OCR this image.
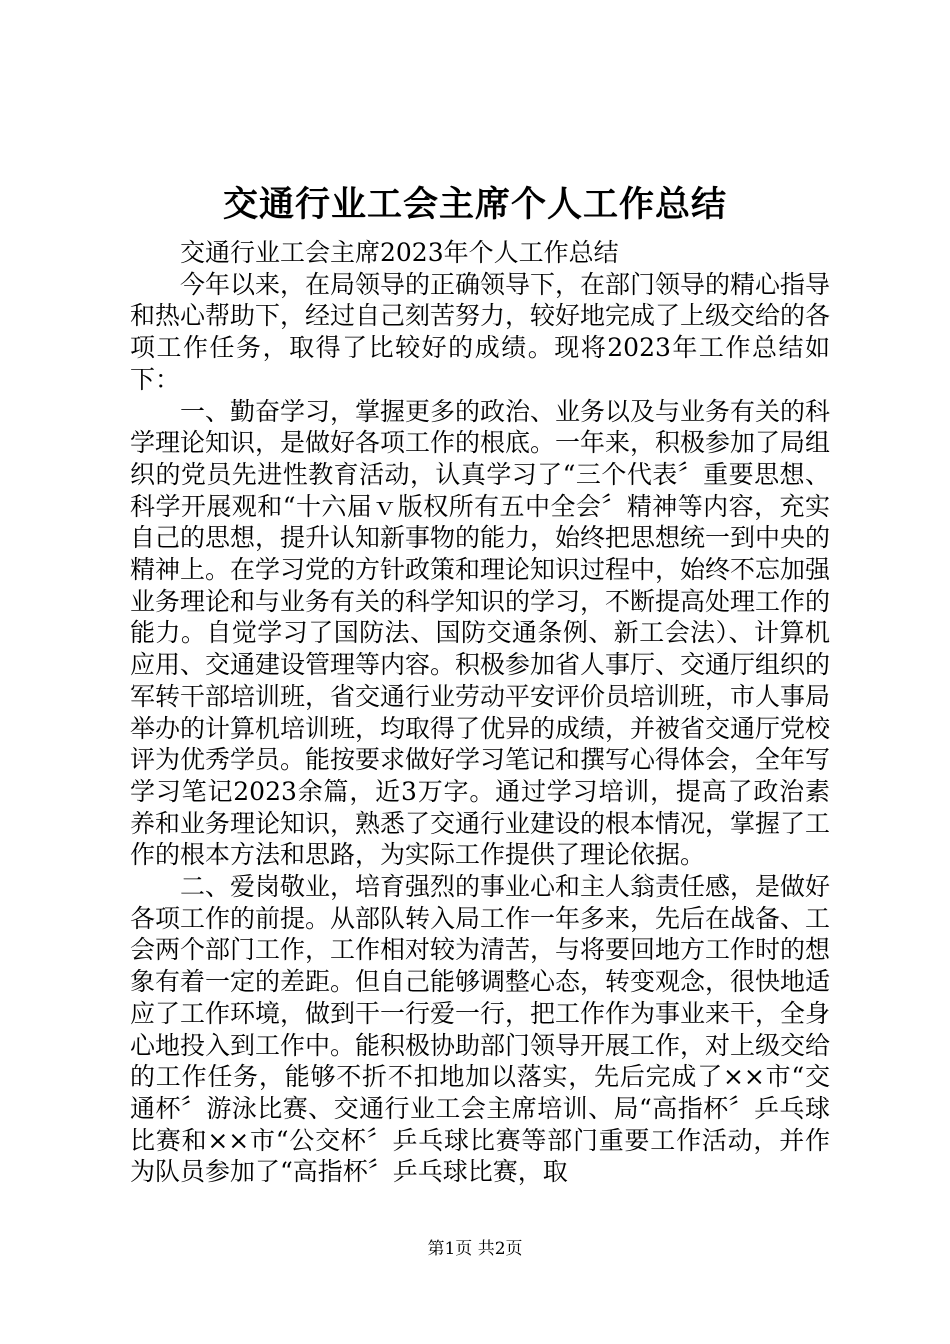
交通行业工会主席个人工作总结

交通行业工会主席2023年个人工作总结

今年以来，在局领导的正确领导下，在部门领导的精心指导和热心帮助下，经过自己刻苦努力，较好地完成了上级交给的各项工作任务，取得了比较好的成绩。现将2023年工作总结如下：

一、勤奋学习，掌握更多的政治、业务以及与业务有关的科学理论知识，是做好各项工作的根底。一年来，积极参加了局组织的党员先进性教育活动，认真学习了“三个代表〞重要思想、科学开展观和“十六届ｖ版权所有五中全会〞精神等内容，充实自己的思想，提升认知新事物的能力，始终把思想统一到中央的精神上。在学习党的方针政策和理论知识过程中，始终不忘加强业务理论和与业务有关的科学知识的学习，不断提高处理工作的能力。自觉学习了国防法、国防交通条例、新工会法）、计算机应用、交通建设管理等内容。积极参加省人事厅、交通厅组织的军转干部培训班，省交通行业劳动平安评价员培训班，市人事局举办的计算机培训班，均取得了优异的成绩，并被省交通厅党校评为优秀学员。能按要求做好学习笔记和撰写心得体会，全年写学习笔记2023余篇，近3万字。通过学习培训，提高了政治素养和业务理论知识，熟悉了交通行业建设的根本情况，掌握了工作的根本方法和思路，为实际工作提供了理论依据。

二、爱岗敬业，培育强烈的事业心和主人翁责任感，是做好各项工作的前提。从部队转入局工作一年多来，先后在战备、工会两个部门工作，工作相对较为清苦，与将要回地方工作时的想象有着一定的差距。但自己能够调整心态，转变观念，很快地适应了工作环境，做到干一行爱一行，把工作作为事业来干，全身心地投入到工作中。能积极协助部门领导开展工作，对上级交给的工作任务，能够不折不扣地加以落实，先后完成了××市“交通杯〞游泳比赛、交通行业工会主席培训、局“高指杯〞乒乓球比赛和××市“公交杯〞乒乓球比赛等部门重要工作活动，并作为队员参加了“高指杯〞乒乓球比赛，取

第1页 共2页
